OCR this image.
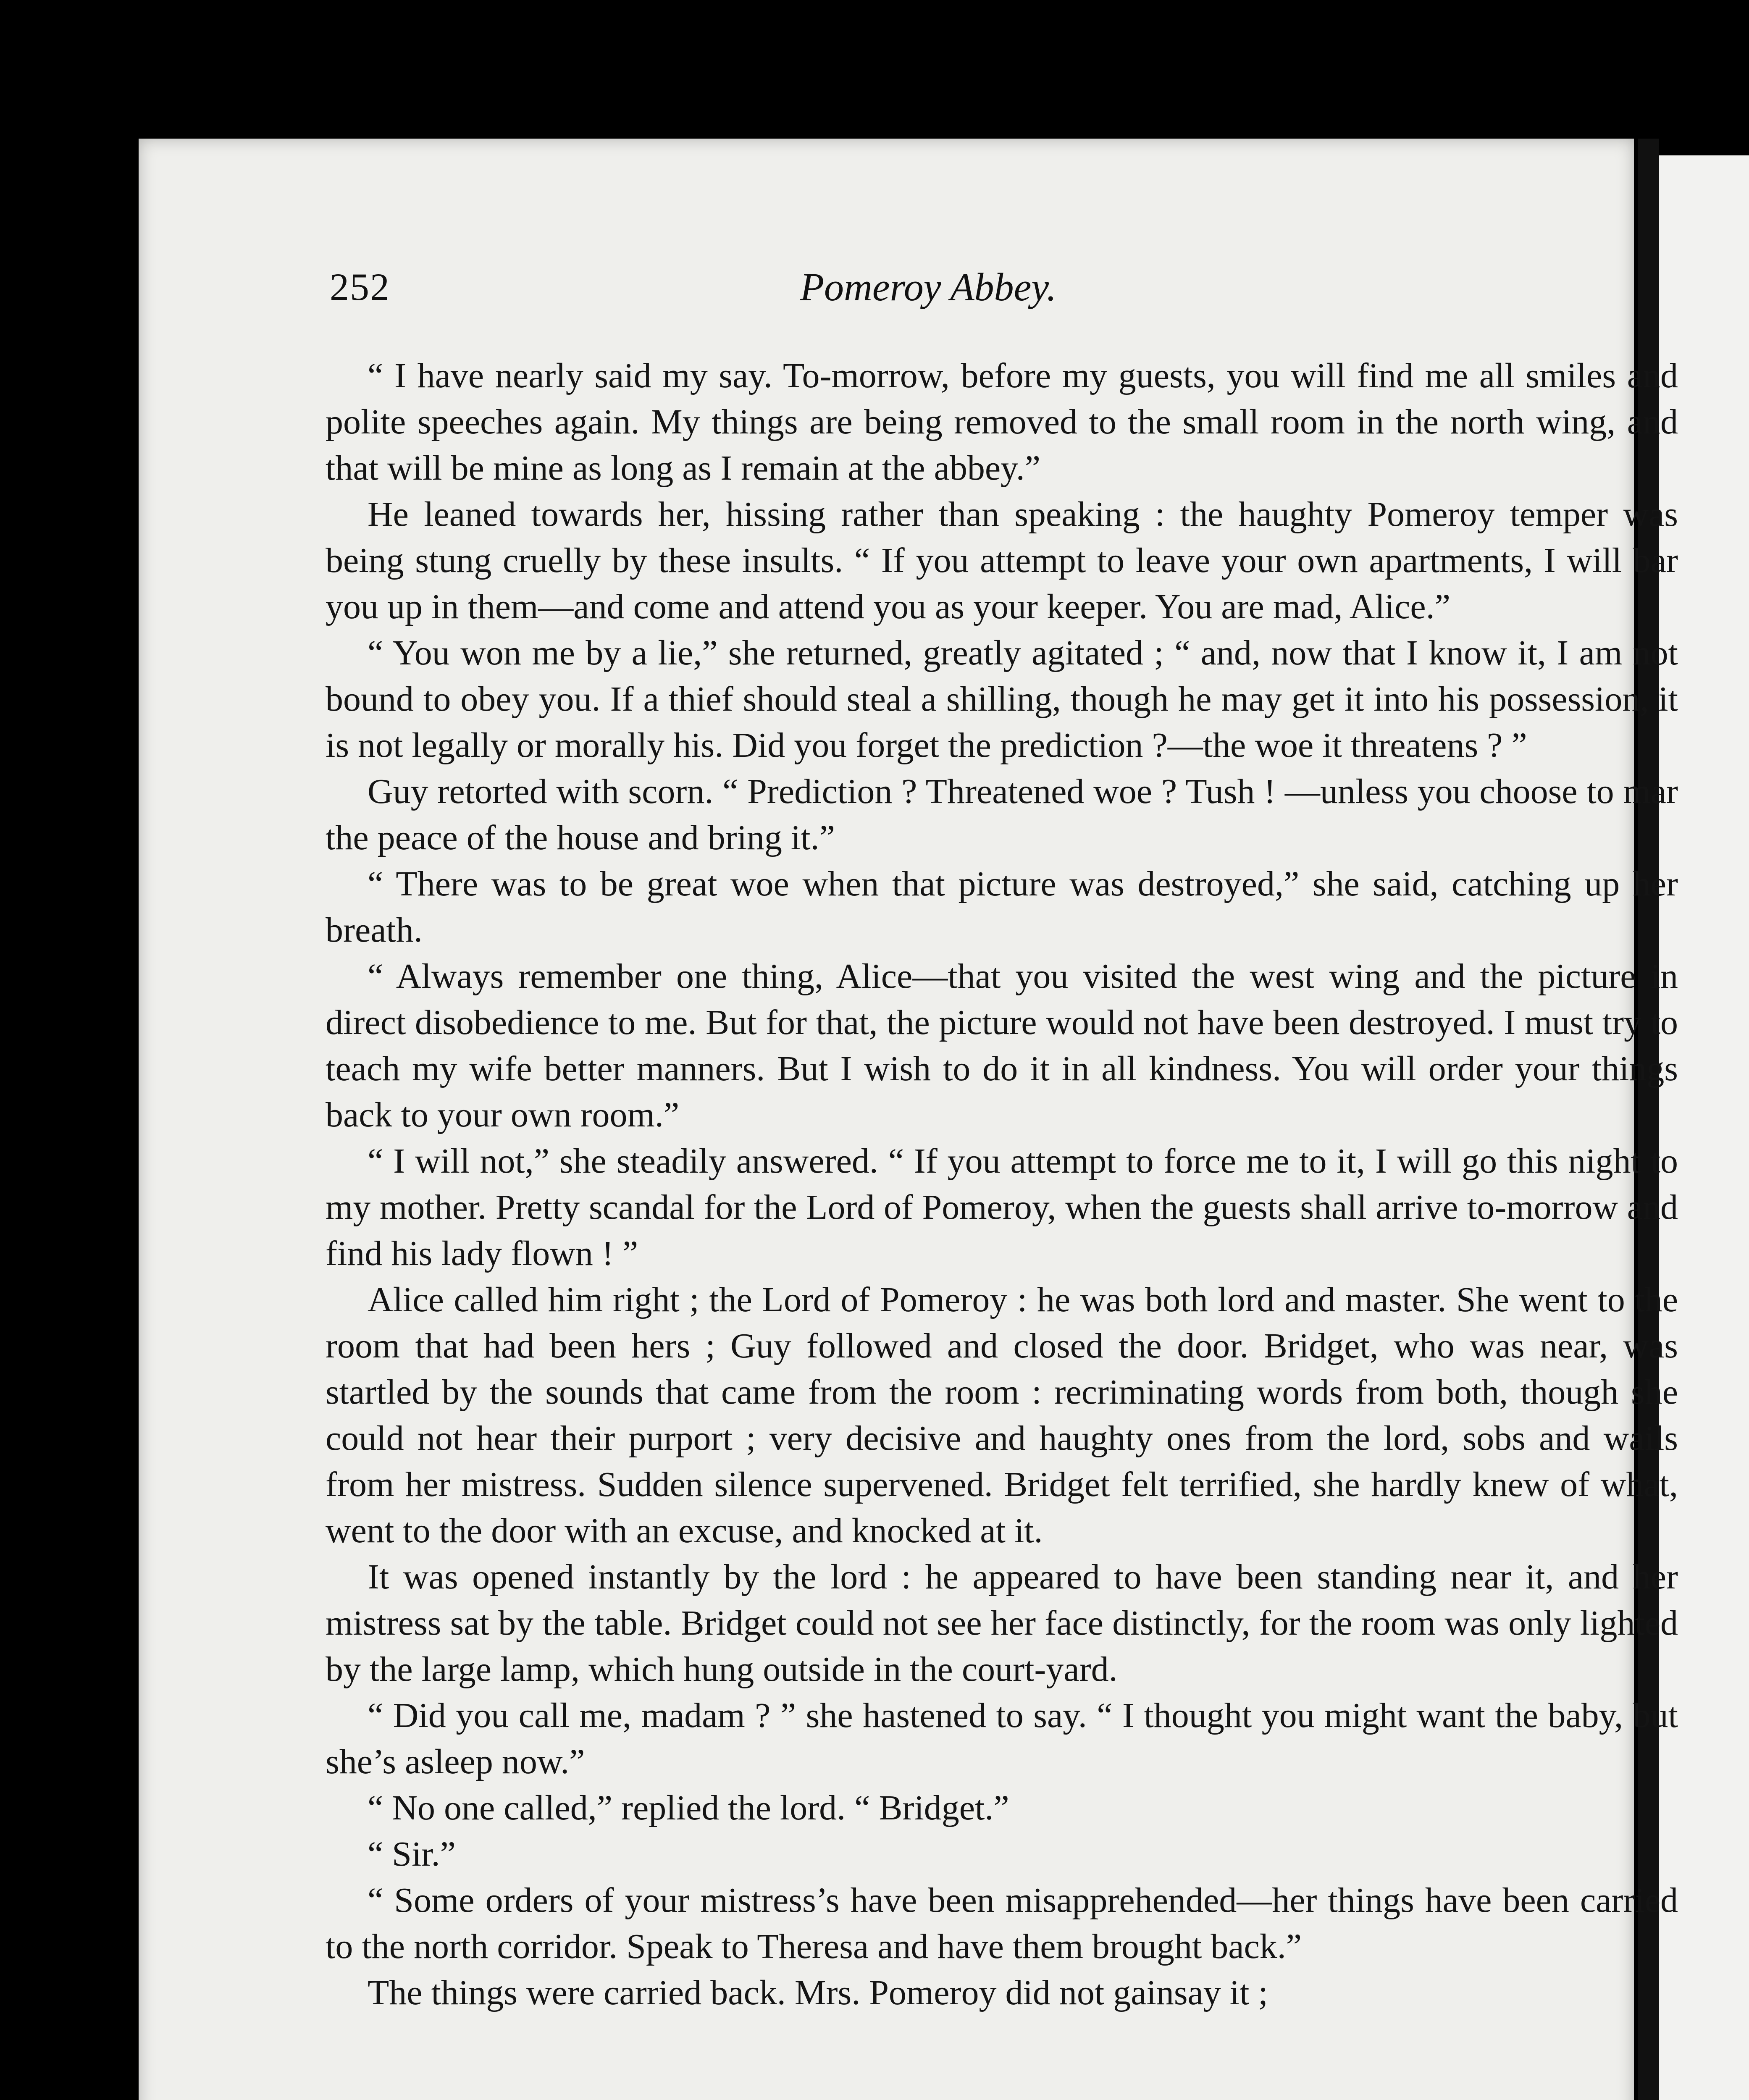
252	Pomeroy Abbey.

“ I have nearly said my say. To-morrow, before my guests, you will find me all smiles and polite speeches again. My things are being removed to the small room in the north wing, and that will be mine as long as I remain at the abbey.”

He leaned towards her, hissing rather than speaking : the haughty Pomeroy temper was being stung cruelly by these insults. “ If you attempt to leave your own apartments, I will bar you up in them—and come and attend you as your keeper. You are mad, Alice.”

“ You won me by a lie,” she returned, greatly agitated ; “ and, now that I know it, I am not bound to obey you. If a thief should steal a shilling, though he may get it into his possession, it is not legally or morally his. Did you forget the prediction ?—the woe it threatens ? ”

Guy retorted with scorn. “ Prediction ? Threatened woe ? Tush ! —unless you choose to mar the peace of the house and bring it.”

“ There was to be great woe when that picture was destroyed,” she said, catching up her breath.

“ Always remember one thing, Alice—that you visited the west wing and the picture in direct disobedience to me. But for that, the picture would not have been destroyed. I must try to teach my wife better manners. But I wish to do it in all kindness. You will order your things back to your own room.”

“ I will not,” she steadily answered. “ If you attempt to force me to it, I will go this night to my mother. Pretty scandal for the Lord of Pomeroy, when the guests shall arrive to-morrow and find his lady flown ! ”

Alice called him right ; the Lord of Pomeroy : he was both lord and master. She went to the room that had been hers ; Guy followed and closed the door. Bridget, who was near, was startled by the sounds that came from the room : recriminating words from both, though she could not hear their purport ; very decisive and haughty ones from the lord, sobs and wails from her mistress. Sudden silence supervened. Bridget felt terrified, she hardly knew of what, went to the door with an excuse, and knocked at it.

It was opened instantly by the lord : he appeared to have been standing near it, and her mistress sat by the table. Bridget could not see her face distinctly, for the room was only lighted by the large lamp, which hung outside in the court-yard.

“ Did you call me, madam ? ” she hastened to say. “ I thought you might want the baby, but she’s asleep now.”

“ No one called,” replied the lord. “ Bridget.”

“ Sir.”

“ Some orders of your mistress’s have been misapprehended—her things have been carried to the north corridor. Speak to Theresa and have them brought back.”

The things were carried back. Mrs. Pomeroy did not gainsay it ;
